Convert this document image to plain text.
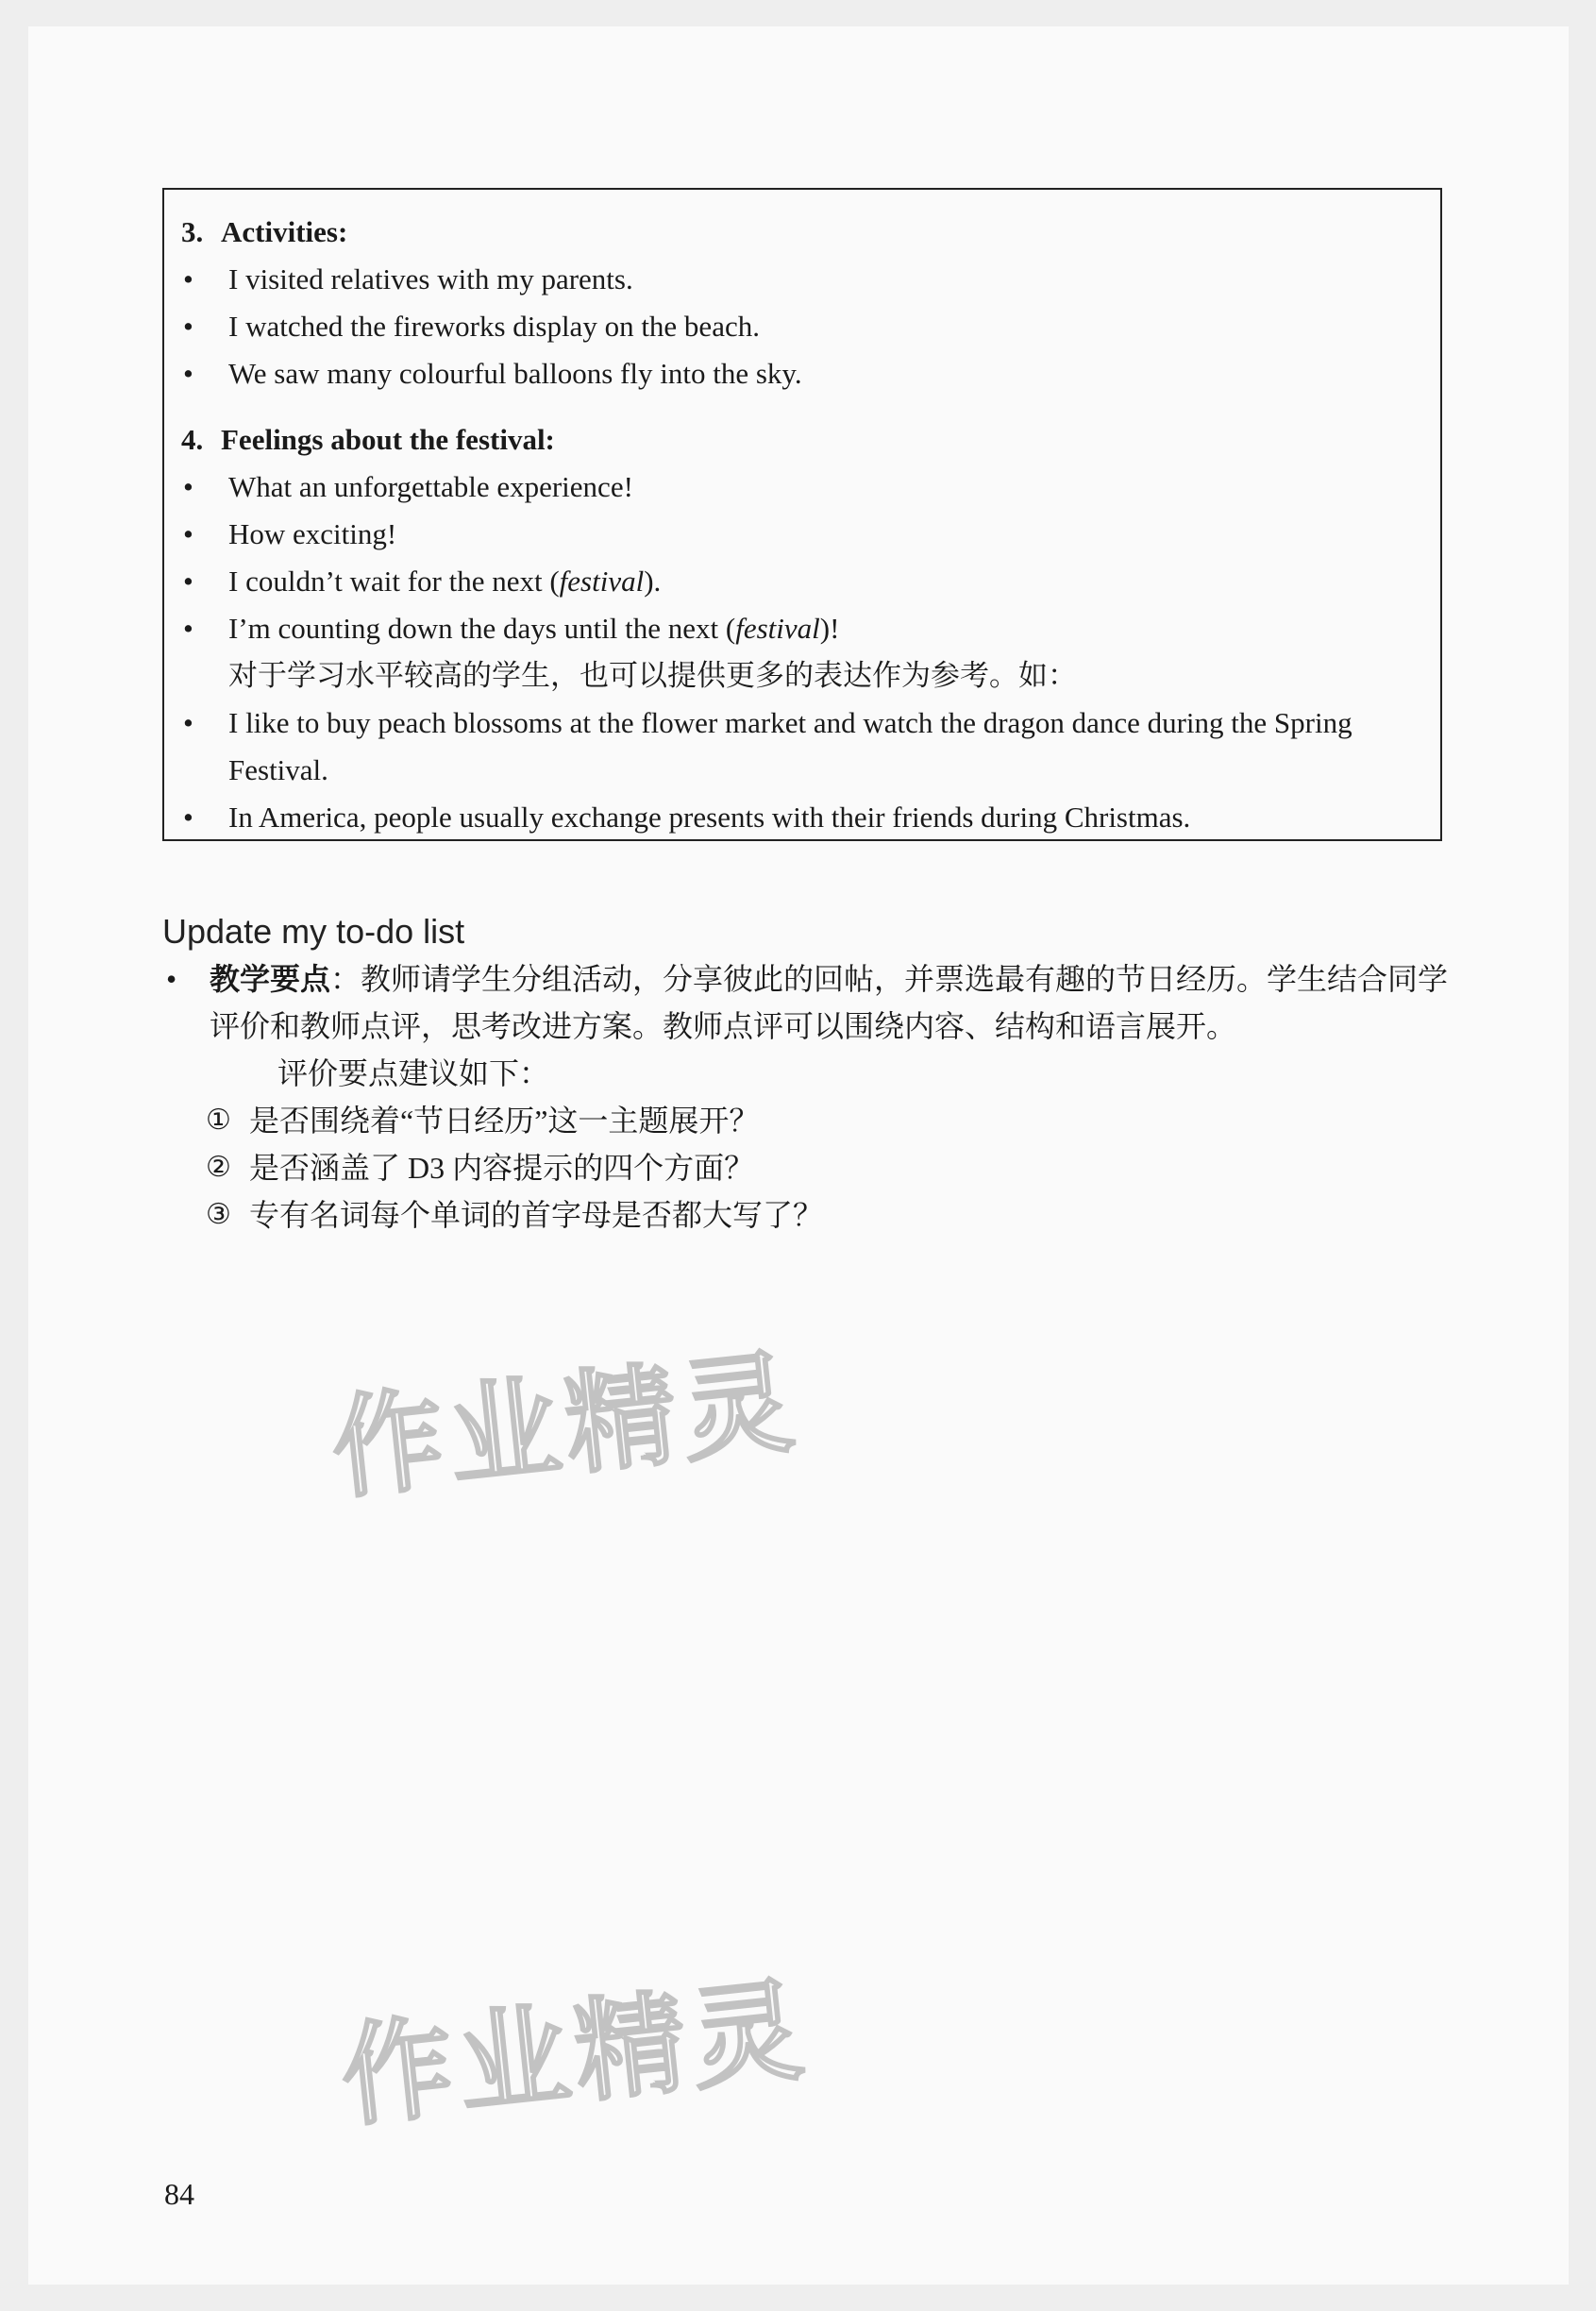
3. Activities:
•	I visited relatives with my parents.
•	I watched the fireworks display on the beach.
•	We saw many colourful balloons fly into the sky.
4. Feelings about the festival:
•	What an unforgettable experience!
•	How exciting!
•	I couldn’t wait for the next (festival).
•	I’m counting down the days until the next (festival)!
对于学习水平较高的学生，也可以提供更多的表达作为参考。如：
•	I like to buy peach blossoms at the flower market and watch the dragon dance during the Spring Festival.
•	In America, people usually exchange presents with their friends during Christmas.
Update my to-do list
•	教学要点：教师请学生分组活动，分享彼此的回帖，并票选最有趣的节日经历。学生结合同学评价和教师点评，思考改进方案。教师点评可以围绕内容、结构和语言展开。
评价要点建议如下：
① 是否围绕着“节日经历”这一主题展开？
② 是否涵盖了 D3 内容提示的四个方面？
③ 专有名词每个单词的首字母是否都大写了？
作业精灵
作业精灵
84
